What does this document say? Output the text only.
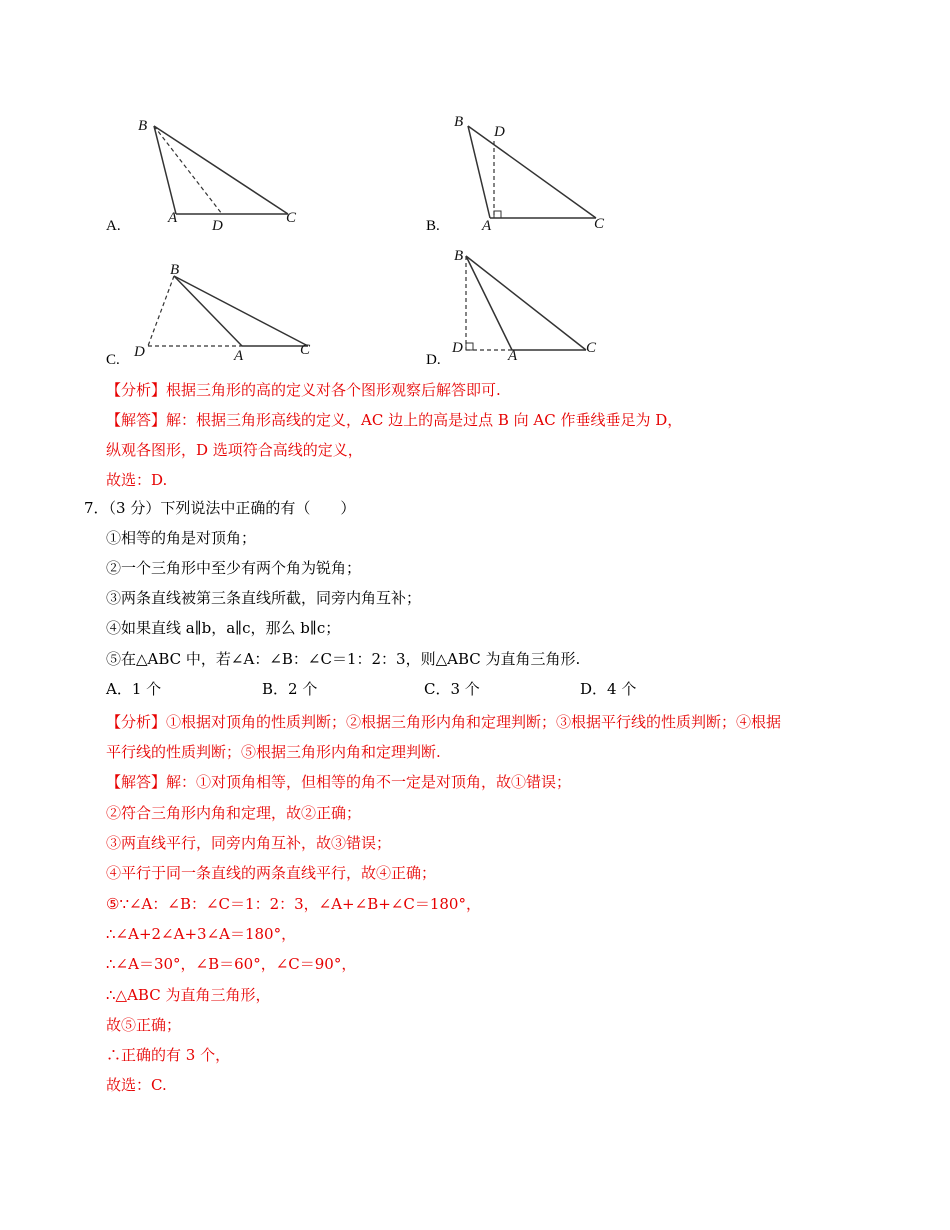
A.
B
A D	C	B.
B
D
A	C
C.
B
D	A	C
D.
B
D	A	C
【分析】根据三角形的高的定义对各个图形观察后解答即可.
【解答】解：根据三角形高线的定义，AC 边上的高是过点 B 向 AC 作垂线垂足为 D，
纵观各图形，D 选项符合高线的定义，
故选：D.
7．（3 分）下列说法中正确的有（　　）
①相等的角是对顶角；
②一个三角形中至少有两个角为锐角；
③两条直线被第三条直线所截，同旁内角互补；
④如果直线 a∥b，a∥c，那么 b∥c；
⑤在△ABC 中，若∠A：∠B：∠C＝1：2：3，则△ABC 为直角三角形.
A．1 个	B．2 个	C．3 个	D．4 个
【分析】①根据对顶角的性质判断；②根据三角形内角和定理判断；③根据平行线的性质判断；④根据
平行线的性质判断；⑤根据三角形内角和定理判断.
【解答】解：①对顶角相等，但相等的角不一定是对顶角，故①错误；
②符合三角形内角和定理，故②正确；
③两直线平行，同旁内角互补，故③错误；
④平行于同一条直线的两条直线平行，故④正确；
⑤∵∠A：∠B：∠C＝1：2：3，∠A+∠B+∠C＝180°，
∴∠A+2∠A+3∠A＝180°，
∴∠A＝30°，∠B＝60°，∠C＝90°，
∴△ABC 为直角三角形，
故⑤正确；
∴正确的有 3 个，
故选：C.
